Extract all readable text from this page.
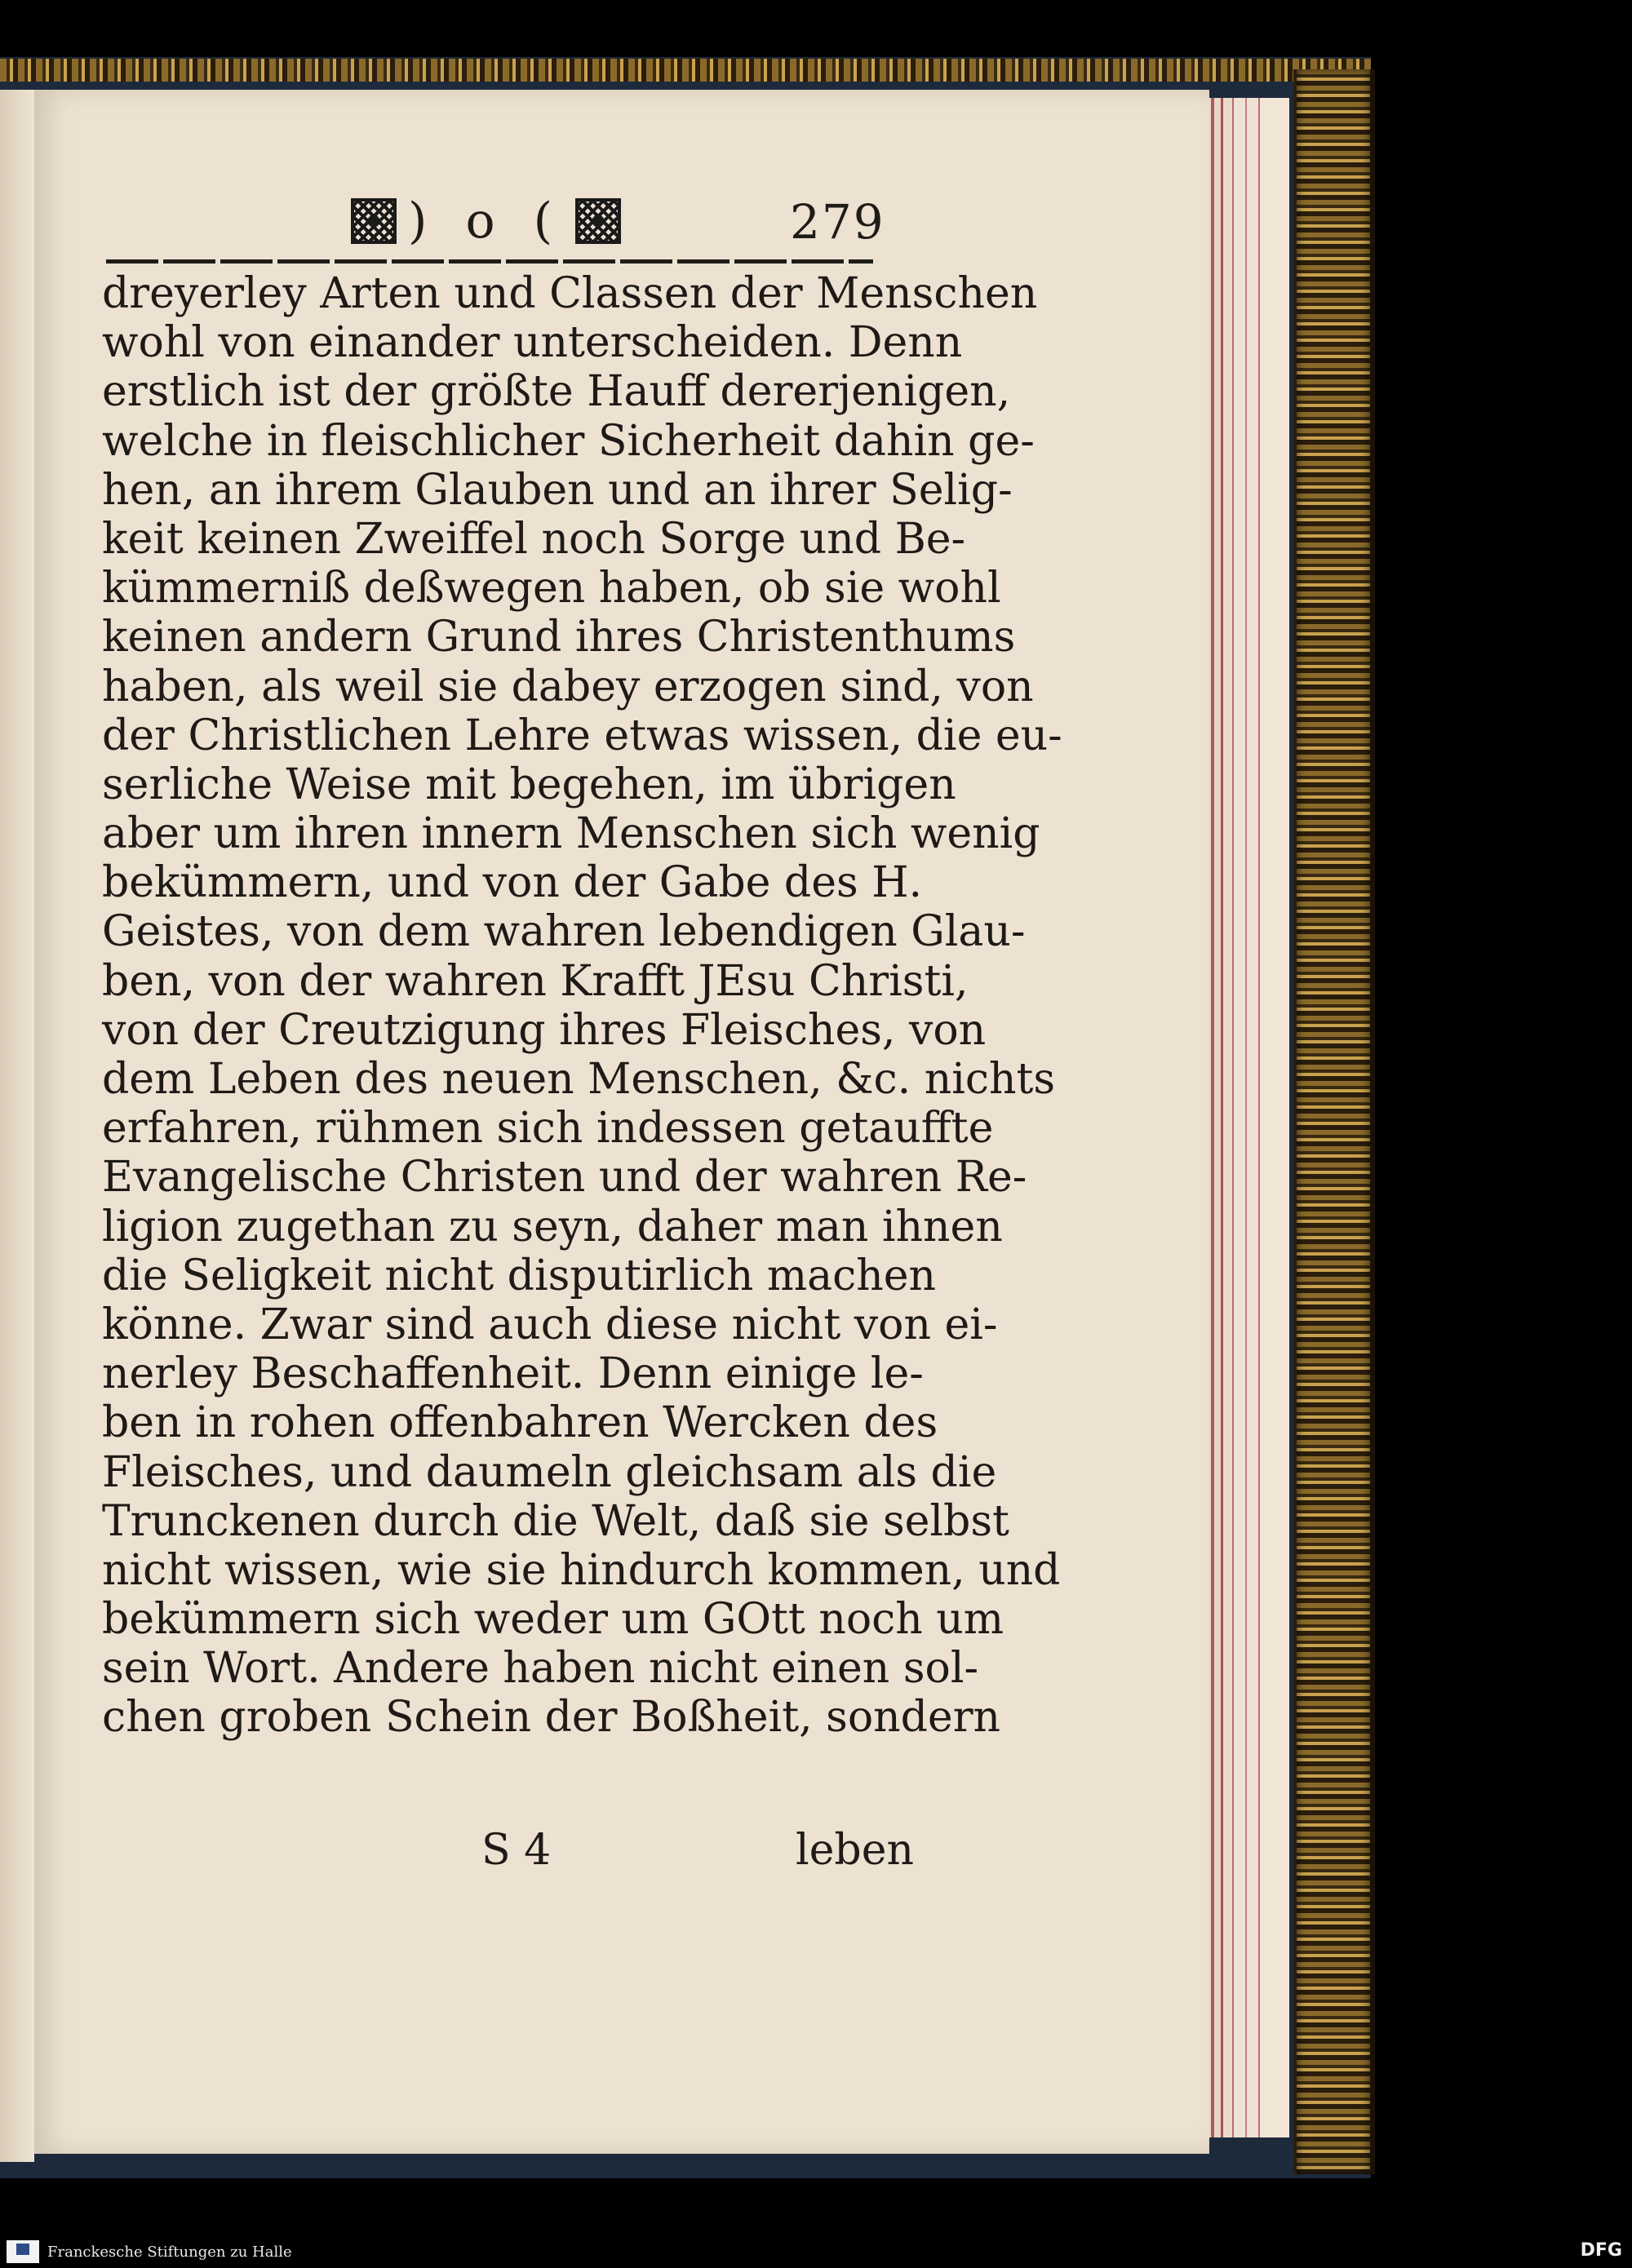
) o (	279
dreyerley Arten und Classen der Menschen
wohl von einander unterscheiden. Denn
erstlich ist der größte Hauff dererjenigen,
welche in fleischlicher Sicherheit dahin ge-
hen, an ihrem Glauben und an ihrer Selig-
keit keinen Zweiffel noch Sorge und Be-
kümmerniß deßwegen haben, ob sie wohl
keinen andern Grund ihres Christenthums
haben, als weil sie dabey erzogen sind, von
der Christlichen Lehre etwas wissen, die eu-
serliche Weise mit begehen, im übrigen
aber um ihren innern Menschen sich wenig
bekümmern, und von der Gabe des H.
Geistes, von dem wahren lebendigen Glau-
ben, von der wahren Krafft JEsu Christi,
von der Creutzigung ihres Fleisches, von
dem Leben des neuen Menschen, &c. nichts
erfahren, rühmen sich indessen getauffte
Evangelische Christen und der wahren Re-
ligion zugethan zu seyn, daher man ihnen
die Seligkeit nicht disputirlich machen
könne. Zwar sind auch diese nicht von ei-
nerley Beschaffenheit. Denn einige le-
ben in rohen offenbahren Wercken des
Fleisches, und daumeln gleichsam als die
Trunckenen durch die Welt, daß sie selbst
nicht wissen, wie sie hindurch kommen, und
bekümmern sich weder um GOtt noch um
sein Wort. Andere haben nicht einen sol-
chen groben Schein der Boßheit, sondern
S 4	leben
Franckesche Stiftungen zu Halle	DFG
